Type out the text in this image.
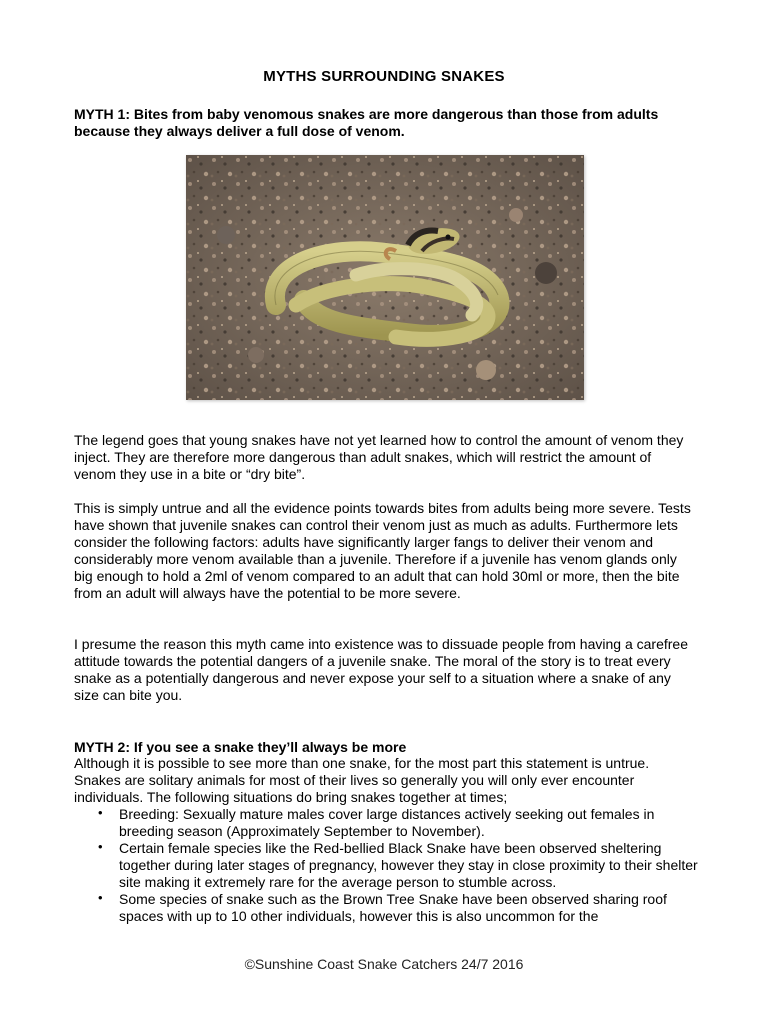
MYTHS SURROUNDING SNAKES
MYTH 1: Bites from baby venomous snakes are more dangerous than those from adults because they always deliver a full dose of venom.
The legend goes that young snakes have not yet learned how to control the amount of venom they inject. They are therefore more dangerous than adult snakes, which will restrict the amount of venom they use in a bite or “dry bite”.
This is simply untrue and all the evidence points towards bites from adults being more severe. Tests have shown that juvenile snakes can control their venom just as much as adults. Furthermore lets consider the following factors: adults have significantly larger fangs to deliver their venom and considerably more venom available than a juvenile. Therefore if a juvenile has venom glands only big enough to hold a 2ml of venom compared to an adult that can hold 30ml or more, then the bite from an adult will always have the potential to be more severe.
I presume the reason this myth came into existence was to dissuade people from having a carefree attitude towards the potential dangers of a juvenile snake. The moral of the story is to treat every snake as a potentially dangerous and never expose your self to a situation where a snake of any size can bite you.
MYTH 2: If you see a snake they’ll always be more
Although it is possible to see more than one snake, for the most part this statement is untrue. Snakes are solitary animals for most of their lives so generally you will only ever encounter individuals. The following situations do bring snakes together at times;
• Breeding: Sexually mature males cover large distances actively seeking out females in breeding season (Approximately September to November).
• Certain female species like the Red-bellied Black Snake have been observed sheltering together during later stages of pregnancy, however they stay in close proximity to their shelter site making it extremely rare for the average person to stumble across.
• Some species of snake such as the Brown Tree Snake have been observed sharing roof spaces with up to 10 other individuals, however this is also uncommon for the
©Sunshine Coast Snake Catchers 24/7 2016
